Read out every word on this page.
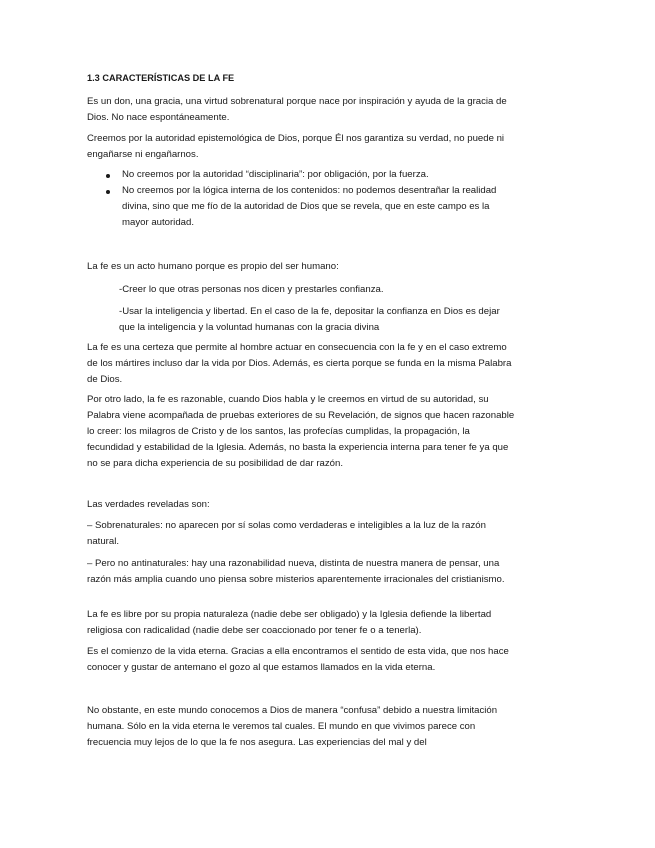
1.3 CARACTERÍSTICAS DE LA FE

Es un don, una gracia, una virtud sobrenatural porque nace por inspiración y ayuda de la gracia de Dios. No nace espontáneamente.

Creemos por la autoridad epistemológica de Dios, porque Él nos garantiza su verdad, no puede ni engañarse ni engañarnos.

No creemos por la autoridad “disciplinaria”: por obligación, por la fuerza.

No creemos por la lógica interna de los contenidos: no podemos desentrañar la realidad divina, sino que me fío de la autoridad de Dios que se revela, que en este campo es la mayor autoridad.

La fe es un acto humano porque es propio del ser humano:

-Creer lo que otras personas nos dicen y prestarles confianza.

-Usar la inteligencia y libertad. En el caso de la fe, depositar la confianza en Dios es dejar que la inteligencia y la voluntad humanas con la gracia divina

La fe es una certeza que permite al hombre actuar en consecuencia con la fe y en el caso extremo de los mártires incluso dar la vida por Dios. Además, es cierta porque se funda en la misma Palabra de Dios.

Por otro lado, la fe es razonable, cuando Dios habla y le creemos en virtud de su autoridad, su Palabra viene acompañada de pruebas exteriores de su Revelación, de signos que hacen razonable lo creer: los milagros de Cristo y de los santos, las profecías cumplidas, la propagación, la fecundidad y estabilidad de la Iglesia. Además, no basta la experiencia interna para tener fe ya que no se para dicha experiencia de su posibilidad de dar razón.

Las verdades reveladas son:

– Sobrenaturales: no aparecen por sí solas como verdaderas e inteligibles a la luz de la razón natural.

– Pero no antinaturales: hay una razonabilidad nueva, distinta de nuestra manera de pensar, una razón más amplia cuando uno piensa sobre misterios aparentemente irracionales del cristianismo.

La fe es libre por su propia naturaleza (nadie debe ser obligado) y la Iglesia defiende la libertad religiosa con radicalidad (nadie debe ser coaccionado por tener fe o a tenerla).

Es el comienzo de la vida eterna. Gracias a ella encontramos el sentido de esta vida, que nos hace conocer y gustar de antemano el gozo al que estamos llamados en la vida eterna.

No obstante, en este mundo conocemos a Dios de manera “confusa” debido a nuestra limitación humana. Sólo en la vida eterna le veremos tal cuales. El mundo en que vivimos parece con frecuencia muy lejos de lo que la fe nos asegura. Las experiencias del mal y del
